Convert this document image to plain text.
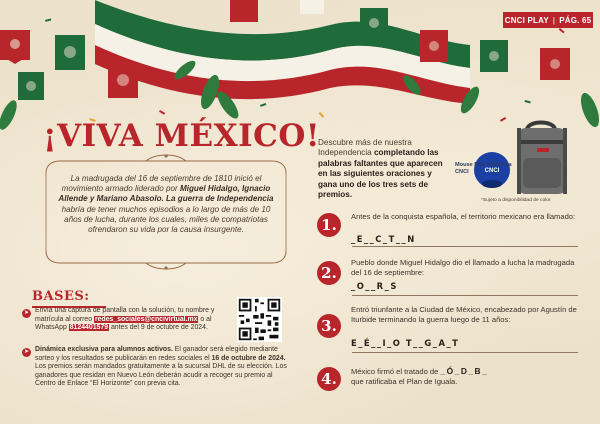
CNCI PLAY | PÁG. 65
¡VIVA MÉXICO!

La madrugada del 16 de septiembre de 1810 inició el movimiento armado liderado por Miguel Hidalgo, Ignacio Allende y Mariano Abasolo. La guerra de Independencia habría de tener muchos episodios a lo largo de más de 10 años de lucha, durante los cuales, miles de compatriotas ofrendaron su vida por la causa insurgente.

BASES:
➤ Envía una captura de pantalla con la solución, tu nombre y matrícula al correo redes_sociales@cncivirtual.mx o al WhatsApp 8124401579 antes del 9 de octubre de 2024.

➤ Dinámica exclusiva para alumnos activos. El ganador será elegido mediante sorteo y los resultados se publicarán en redes sociales el 16 de octubre de 2024. Los premios serán mandados gratuitamente a la sucursal DHL de su elección. Los ganadores que residan en Nuevo León deberán acudir a recoger su premio al Centro de Enlace “El Horizonte” con previa cita.

Descubre más de nuestra Independencia completando las palabras faltantes que aparecen en las siguientes oraciones y gana uno de los tres sets de premios.

CNCI
Mouse Pad y Mochila CNCI
*Sujeto a disponibilidad de color
1.	Antes de la conquista española, el territorio mexicano era llamado:

_E__C_T__N
2.

Pueblo donde Miguel Hidalgo dio el llamado a lucha la madrugada del 16 de septiembre:

_O__R_S
3.

Entró triunfante a la Ciudad de México, encabezado por Agustín de Iturbide terminando la guerra luego de 11 años:

E_É__I_O T__G_A_T
4.	México firmó el tratado de _Ó_D_B_
que ratificaba el Plan de Iguala.
